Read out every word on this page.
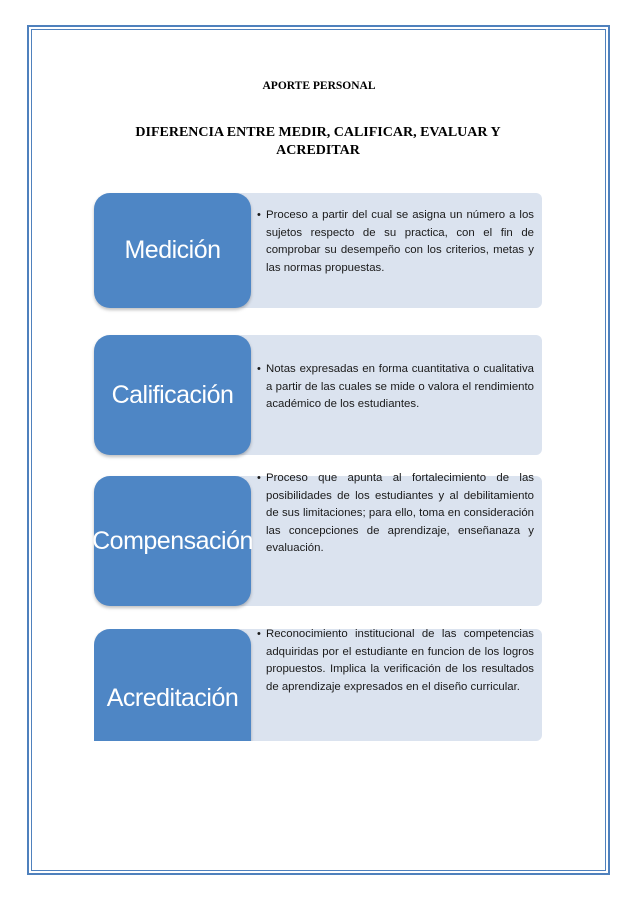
APORTE PERSONAL
DIFERENCIA ENTRE MEDIR, CALIFICAR, EVALUAR Y
ACREDITAR
Medición
• Proceso a partir del cual se asigna un número a los sujetos respecto de su practica, con el fin de comprobar su desempeño con los criterios, metas y las normas propuestas.
Calificación
• Notas expresadas en forma cuantitativa o cualitativa a partir de las cuales se mide o valora el rendimiento académico de los estudiantes.
Compensación
• Proceso que apunta al fortalecimiento de las posibilidades de los estudiantes y al debilitamiento de sus limitaciones; para ello, toma en consideración las concepciones de aprendizaje, enseñanaza y evaluación.
Acreditación
• Reconocimiento institucional de las competencias adquiridas por el estudiante en funcion de los logros propuestos. Implica la verificación de los resultados de aprendizaje expresados en el diseño curricular.
